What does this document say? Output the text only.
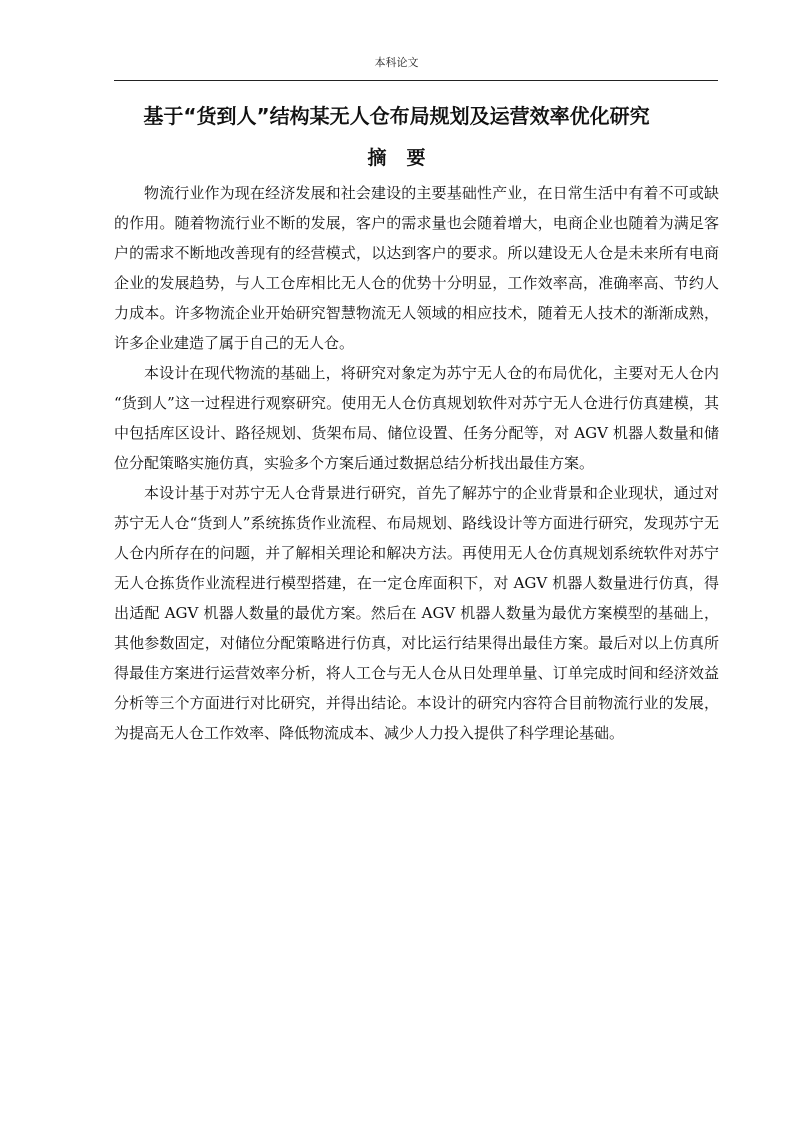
本科论文
基于“货到人”结构某无人仓布局规划及运营效率优化研究
摘要

物流行业作为现在经济发展和社会建设的主要基础性产业，在日常生活中有着不可或缺的作用。随着物流行业不断的发展，客户的需求量也会随着增大，电商企业也随着为满足客户的需求不断地改善现有的经营模式，以达到客户的要求。所以建设无人仓是未来所有电商企业的发展趋势，与人工仓库相比无人仓的优势十分明显，工作效率高，准确率高、节约人力成本。许多物流企业开始研究智慧物流无人领域的相应技术，随着无人技术的渐渐成熟，许多企业建造了属于自己的无人仓。

本设计在现代物流的基础上，将研究对象定为苏宁无人仓的布局优化，主要对无人仓内“货到人”这一过程进行观察研究。使用无人仓仿真规划软件对苏宁无人仓进行仿真建模，其中包括库区设计、路径规划、货架布局、储位设置、任务分配等，对 AGV 机器人数量和储位分配策略实施仿真，实验多个方案后通过数据总结分析找出最佳方案。

本设计基于对苏宁无人仓背景进行研究，首先了解苏宁的企业背景和企业现状，通过对苏宁无人仓“货到人”系统拣货作业流程、布局规划、路线设计等方面进行研究，发现苏宁无人仓内所存在的问题，并了解相关理论和解决方法。再使用无人仓仿真规划系统软件对苏宁无人仓拣货作业流程进行模型搭建，在一定仓库面积下，对 AGV 机器人数量进行仿真，得出适配 AGV 机器人数量的最优方案。然后在 AGV 机器人数量为最优方案模型的基础上，其他参数固定，对储位分配策略进行仿真，对比运行结果得出最佳方案。最后对以上仿真所得最佳方案进行运营效率分析，将人工仓与无人仓从日处理单量、订单完成时间和经济效益分析等三个方面进行对比研究，并得出结论。本设计的研究内容符合目前物流行业的发展，为提高无人仓工作效率、降低物流成本、减少人力投入提供了科学理论基础。
